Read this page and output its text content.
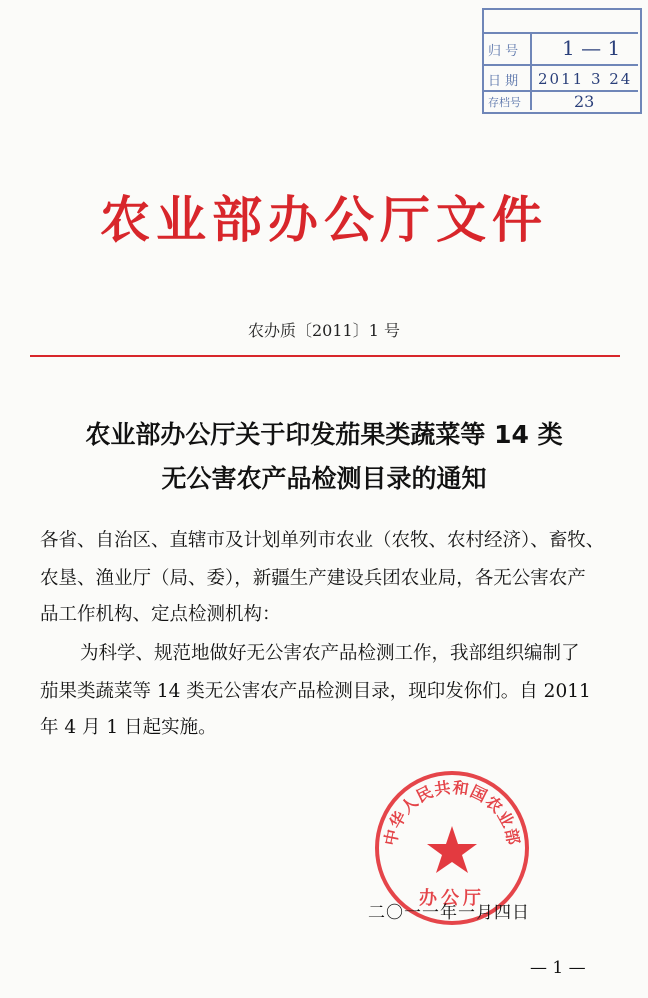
归 号 1 — 1
日 期 2011 3 24
存档号	23
农业部办公厅文件
农办质〔2011〕1 号
农业部办公厅关于印发茄果类蔬菜等 14 类
无公害农产品检测目录的通知
各省、自治区、直辖市及计划单列市农业（农牧、农村经济）、畜牧、
农垦、渔业厅（局、委），新疆生产建设兵团农业局，各无公害农产
品工作机构、定点检测机构：
为科学、规范地做好无公害农产品检测工作，我部组织编制了
茄果类蔬菜等 14 类无公害农产品检测目录，现印发你们。自 2011
年 4 月 1 日起实施。
中华人民共和国农业部
办公厅
二〇一一年一月四日
— 1 —
